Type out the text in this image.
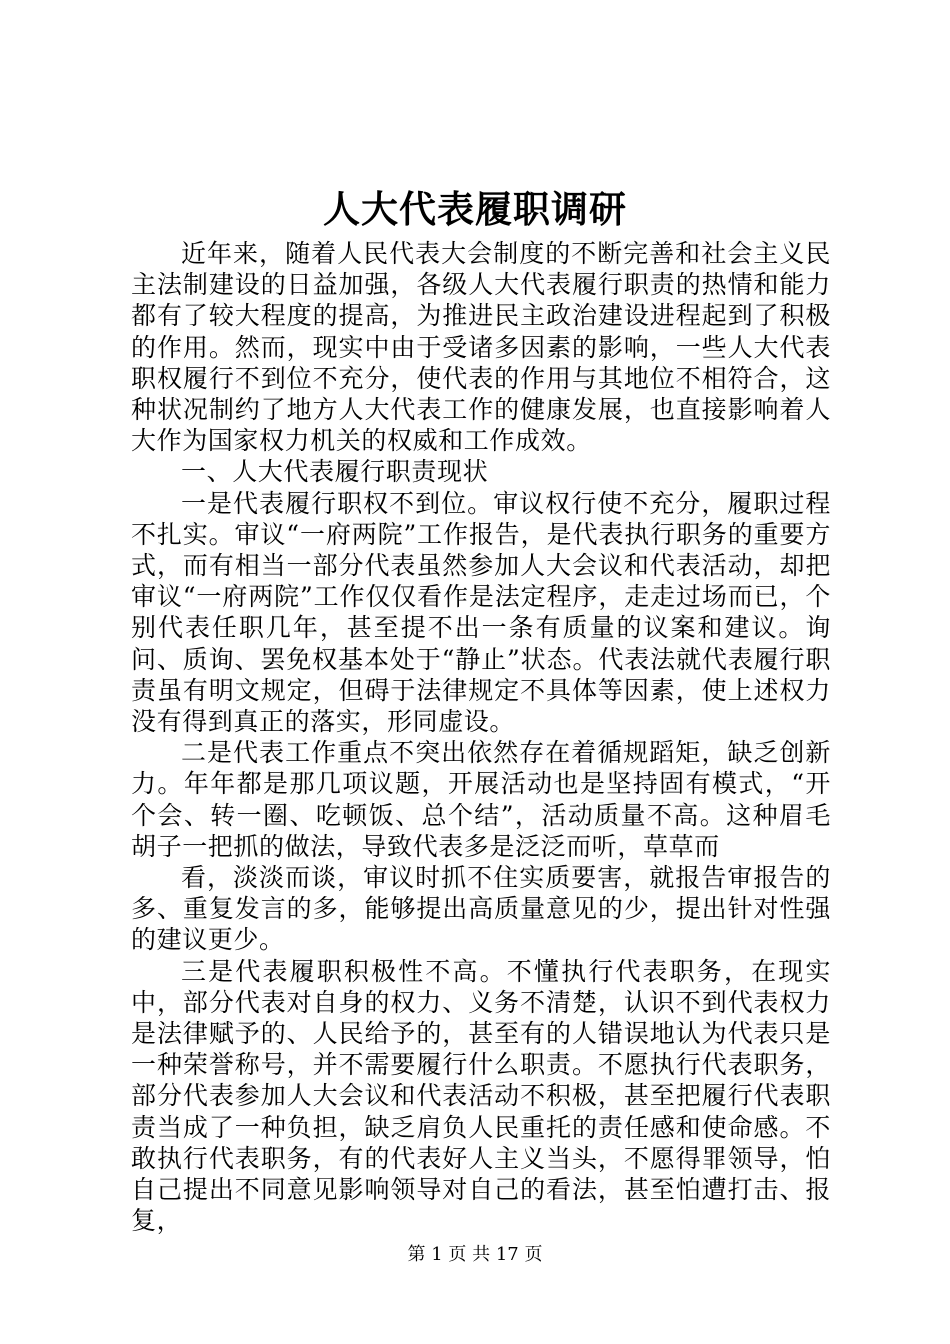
人大代表履职调研

近年来，随着人民代表大会制度的不断完善和社会主义民主法制建设的日益加强，各级人大代表履行职责的热情和能力都有了较大程度的提高，为推进民主政治建设进程起到了积极的作用。然而，现实中由于受诸多因素的影响，一些人大代表职权履行不到位不充分，使代表的作用与其地位不相符合，这种状况制约了地方人大代表工作的健康发展，也直接影响着人大作为国家权力机关的权威和工作成效。

一、人大代表履行职责现状

一是代表履行职权不到位。审议权行使不充分，履职过程不扎实。审议“一府两院”工作报告，是代表执行职务的重要方式，而有相当一部分代表虽然参加人大会议和代表活动，却把审议“一府两院”工作仅仅看作是法定程序，走走过场而已，个别代表任职几年，甚至提不出一条有质量的议案和建议。询问、质询、罢免权基本处于“静止”状态。代表法就代表履行职责虽有明文规定，但碍于法律规定不具体等因素，使上述权力没有得到真正的落实，形同虚设。

二是代表工作重点不突出依然存在着循规蹈矩，缺乏创新力。年年都是那几项议题，开展活动也是坚持固有模式，“开个会、转一圈、吃顿饭、总个结”，活动质量不高。这种眉毛胡子一把抓的做法，导致代表多是泛泛而听，草草而

看，淡淡而谈，审议时抓不住实质要害，就报告审报告的多、重复发言的多，能够提出高质量意见的少，提出针对性强的建议更少。

三是代表履职积极性不高。不懂执行代表职务，在现实中，部分代表对自身的权力、义务不清楚，认识不到代表权力是法律赋予的、人民给予的，甚至有的人错误地认为代表只是一种荣誉称号，并不需要履行什么职责。不愿执行代表职务，部分代表参加人大会议和代表活动不积极，甚至把履行代表职责当成了一种负担，缺乏肩负人民重托的责任感和使命感。不敢执行代表职务，有的代表好人主义当头，不愿得罪领导，怕自己提出不同意见影响领导对自己的看法，甚至怕遭打击、报复，

第 1 页 共 17 页
